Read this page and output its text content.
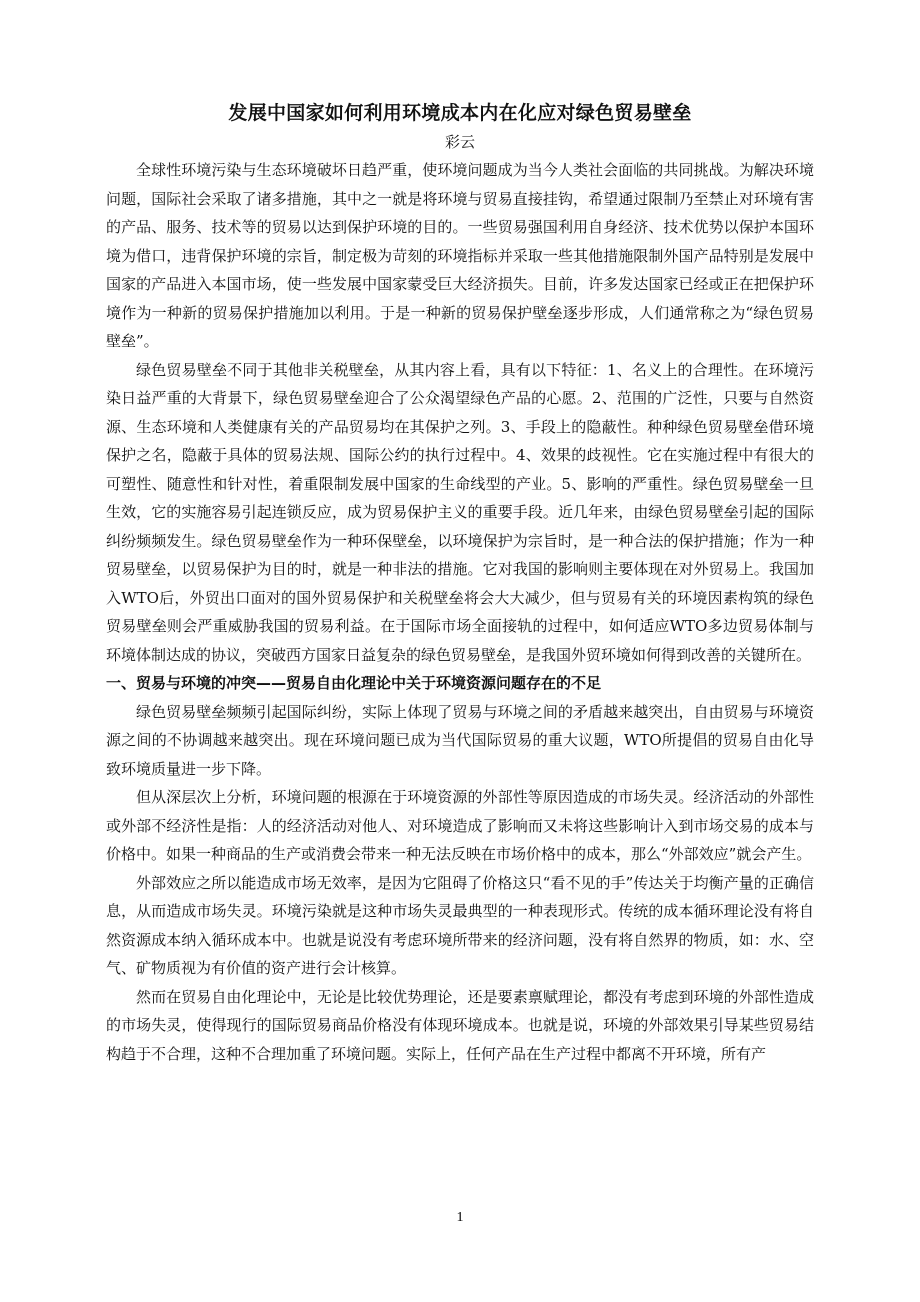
发展中国家如何利用环境成本内在化应对绿色贸易壁垒
彩云

全球性环境污染与生态环境破坏日趋严重，使环境问题成为当今人类社会面临的共同挑战。为解决环境问题，国际社会采取了诸多措施，其中之一就是将环境与贸易直接挂钩，希望通过限制乃至禁止对环境有害的产品、服务、技术等的贸易以达到保护环境的目的。一些贸易强国利用自身经济、技术优势以保护本国环境为借口，违背保护环境的宗旨，制定极为苛刻的环境指标并采取一些其他措施限制外国产品特别是发展中国家的产品进入本国市场，使一些发展中国家蒙受巨大经济损失。目前，许多发达国家已经或正在把保护环境作为一种新的贸易保护措施加以利用。于是一种新的贸易保护壁垒逐步形成，人们通常称之为“绿色贸易壁垒”。

绿色贸易壁垒不同于其他非关税壁垒，从其内容上看，具有以下特征：1、名义上的合理性。在环境污染日益严重的大背景下，绿色贸易壁垒迎合了公众渴望绿色产品的心愿。2、范围的广泛性，只要与自然资源、生态环境和人类健康有关的产品贸易均在其保护之列。3、手段上的隐蔽性。种种绿色贸易壁垒借环境保护之名，隐蔽于具体的贸易法规、国际公约的执行过程中。4、效果的歧视性。它在实施过程中有很大的可塑性、随意性和针对性，着重限制发展中国家的生命线型的产业。5、影响的严重性。绿色贸易壁垒一旦生效，它的实施容易引起连锁反应，成为贸易保护主义的重要手段。近几年来，由绿色贸易壁垒引起的国际纠纷频频发生。绿色贸易壁垒作为一种环保壁垒，以环境保护为宗旨时，是一种合法的保护措施；作为一种贸易壁垒，以贸易保护为目的时，就是一种非法的措施。它对我国的影响则主要体现在对外贸易上。我国加入WTO后，外贸出口面对的国外贸易保护和关税壁垒将会大大减少，但与贸易有关的环境因素构筑的绿色贸易壁垒则会严重威胁我国的贸易利益。在于国际市场全面接轨的过程中，如何适应WTO多边贸易体制与环境体制达成的协议，突破西方国家日益复杂的绿色贸易壁垒，是我国外贸环境如何得到改善的关键所在。

一、贸易与环境的冲突——贸易自由化理论中关于环境资源问题存在的不足

绿色贸易壁垒频频引起国际纠纷，实际上体现了贸易与环境之间的矛盾越来越突出，自由贸易与环境资源之间的不协调越来越突出。现在环境问题已成为当代国际贸易的重大议题，WTO所提倡的贸易自由化导致环境质量进一步下降。

但从深层次上分析，环境问题的根源在于环境资源的外部性等原因造成的市场失灵。经济活动的外部性或外部不经济性是指：人的经济活动对他人、对环境造成了影响而又未将这些影响计入到市场交易的成本与价格中。如果一种商品的生产或消费会带来一种无法反映在市场价格中的成本，那么“外部效应”就会产生。

外部效应之所以能造成市场无效率，是因为它阻碍了价格这只“看不见的手”传达关于均衡产量的正确信息，从而造成市场失灵。环境污染就是这种市场失灵最典型的一种表现形式。传统的成本循环理论没有将自然资源成本纳入循环成本中。也就是说没有考虑环境所带来的经济问题，没有将自然界的物质，如：水、空气、矿物质视为有价值的资产进行会计核算。

然而在贸易自由化理论中，无论是比较优势理论，还是要素禀赋理论，都没有考虑到环境的外部性造成的市场失灵，使得现行的国际贸易商品价格没有体现环境成本。也就是说，环境的外部效果引导某些贸易结构趋于不合理，这种不合理加重了环境问题。实际上，任何产品在生产过程中都离不开环境，所有产

1
